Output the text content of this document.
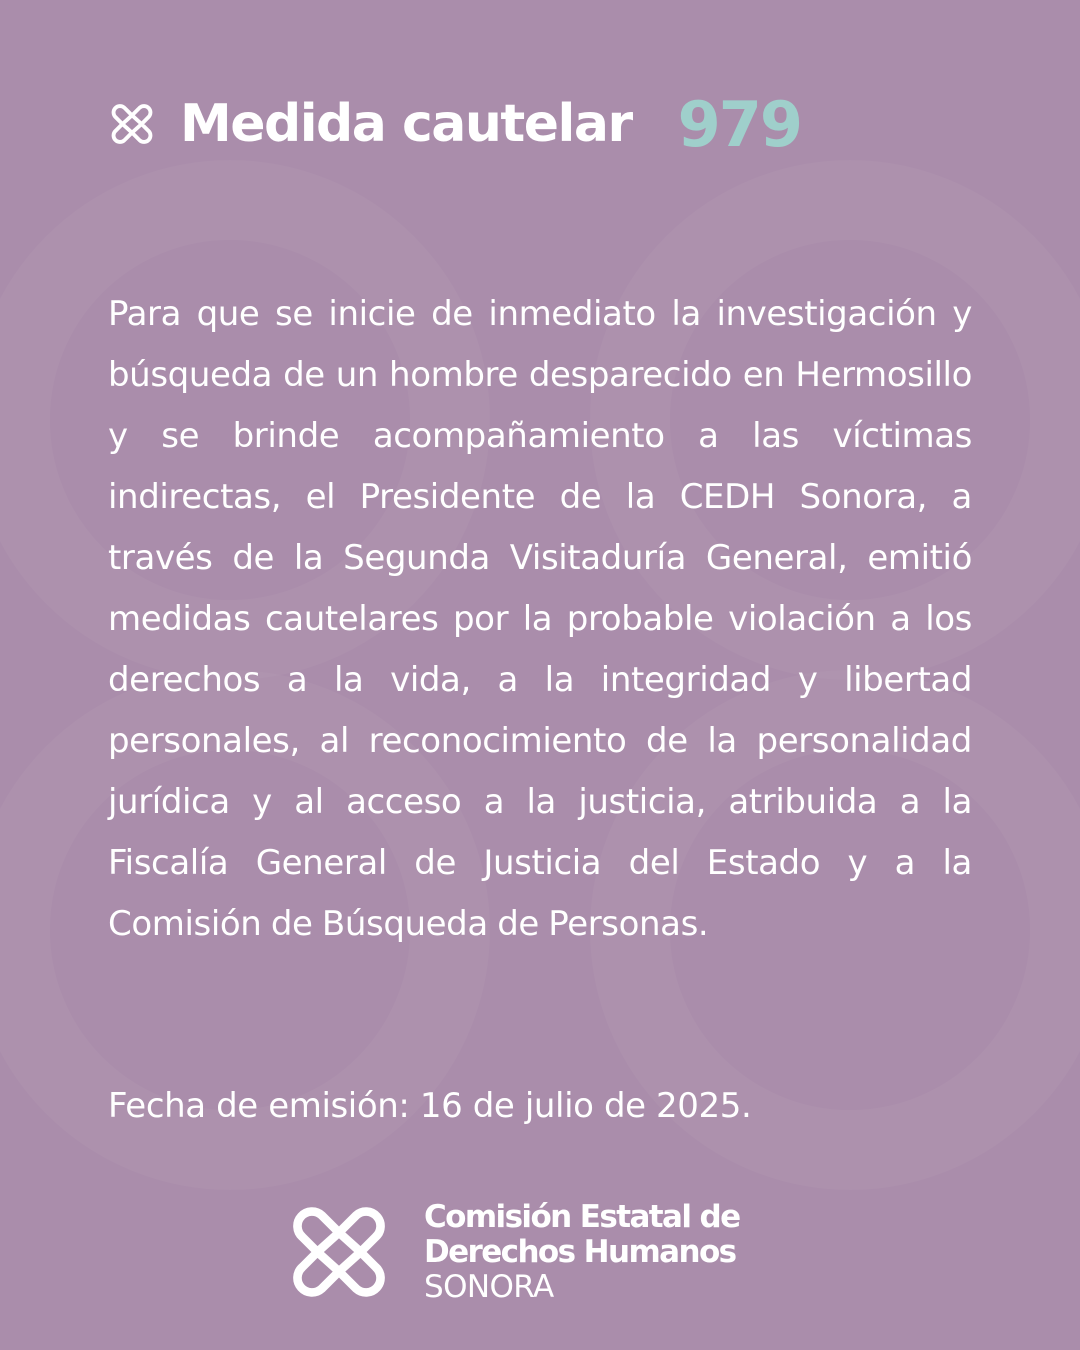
Medida cautelar 979

Para que se inicie de inmediato la investigación y búsqueda de un hombre desparecido en Hermosillo y se brinde acompañamiento a las víctimas indirectas, el Presidente de la CEDH Sonora, a través de la Segunda Visitaduría General, emitió medidas cautelares por la probable violación a los derechos a la vida, a la integridad y libertad personales, al reconocimiento de la personalidad jurídica y al acceso a la justicia, atribuida a la Fiscalía General de Justicia del Estado y a la Comisión de Búsqueda de Personas.

Fecha de emisión: 16 de julio de 2025.

Comisión Estatal de
Derechos Humanos
SONORA
